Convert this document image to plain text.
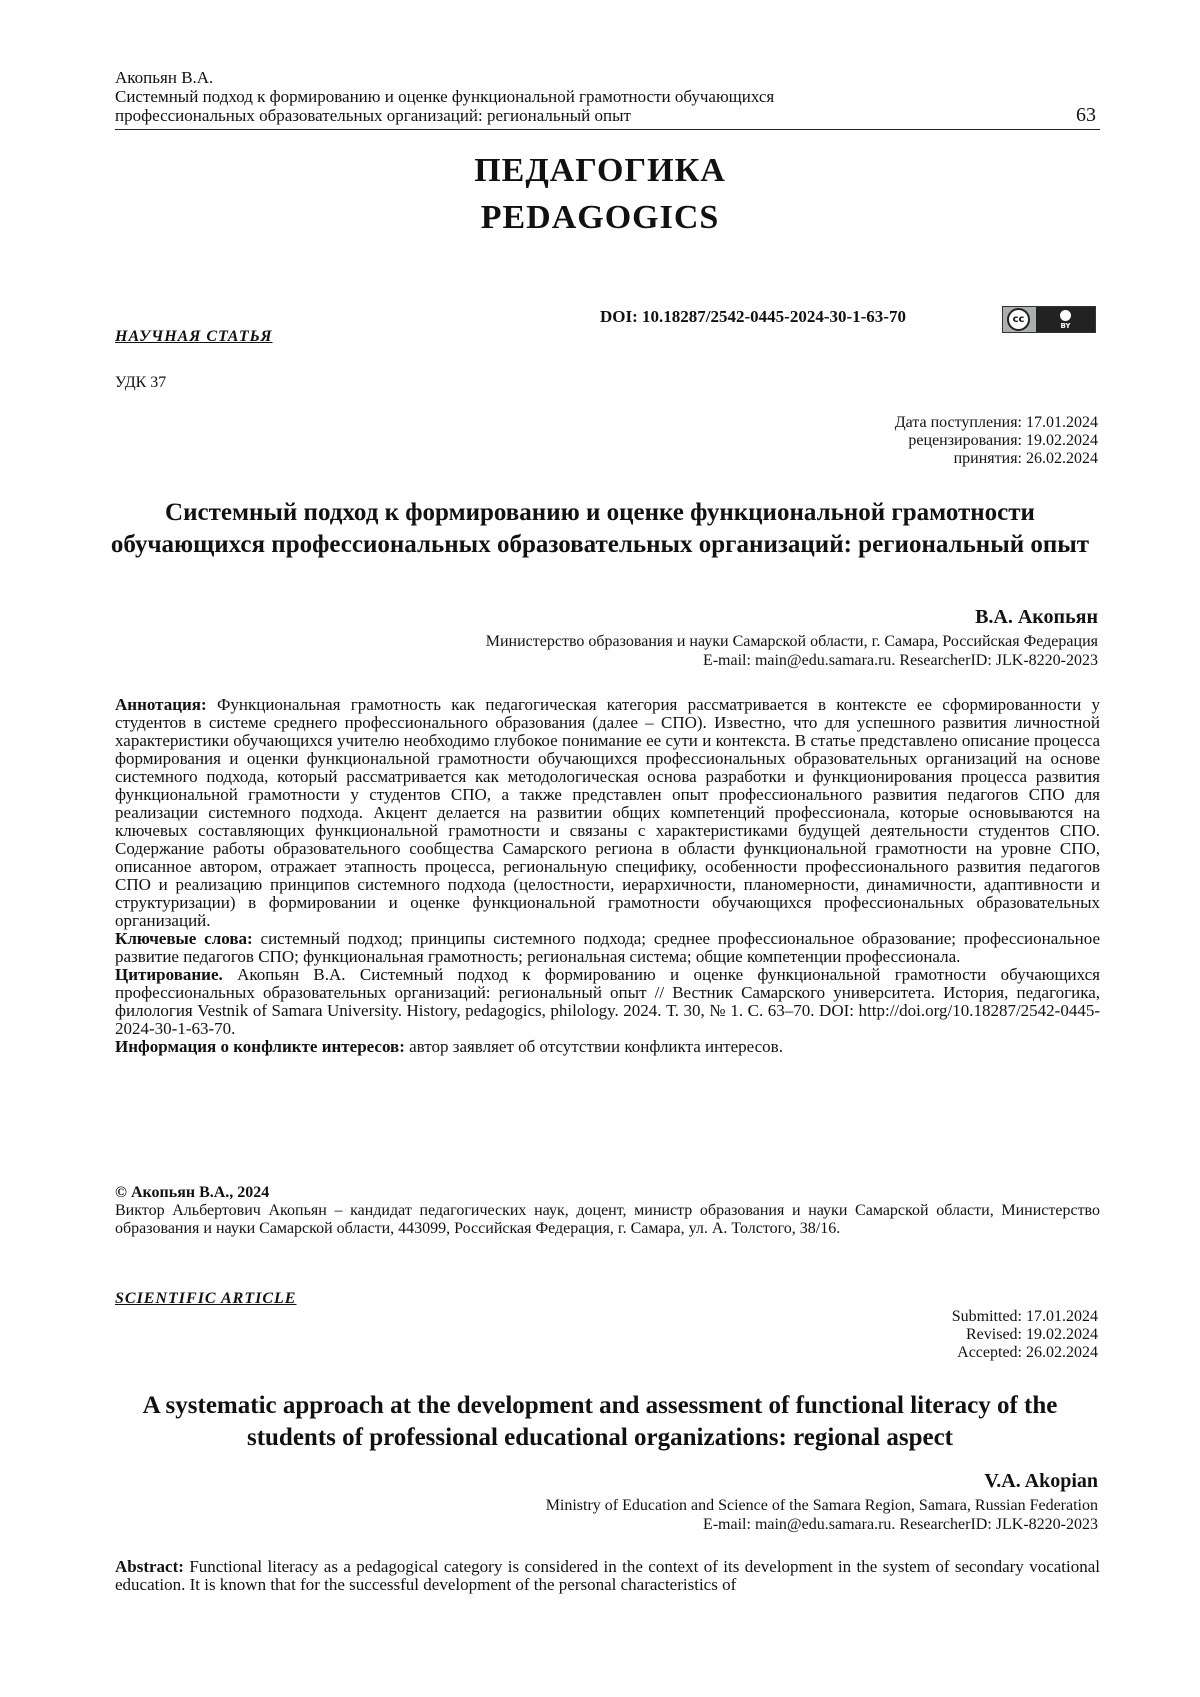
Акопьян В.А.
Системный подход к формированию и оценке функциональной грамотности обучающихся
профессиональных образовательных организаций: региональный опыт	63
ПЕДАГОГИКА
PEDAGOGICS
DOI: 10.18287/2542-0445-2024-30-1-63-70	cc
BY
НАУЧНАЯ СТАТЬЯ
УДК 37
Дата поступления: 17.01.2024
рецензирования: 19.02.2024
принятия: 26.02.2024
Системный подход к формированию и оценке функциональной грамотности обучающихся профессиональных образовательных организаций: региональный опыт
В.А. Акопьян
Министерство образования и науки Самарской области, г. Самара, Российская Федерация
E-mail: main@edu.samara.ru. ResearcherID: JLK-8220-2023

Аннотация: Функциональная грамотность как педагогическая категория рассматривается в контексте ее сформированности у студентов в системе среднего профессионального образования (далее – СПО). Известно, что для успешного развития личностной характеристики обучающихся учителю необходимо глубокое понимание ее сути и контекста. В статье представлено описание процесса формирования и оценки функциональной грамотности обучающихся профессиональных образовательных организаций на основе системного подхода, который рассматривается как методологическая основа разработки и функционирования процесса развития функциональной грамотности у студентов СПО, а также представлен опыт профессионального развития педагогов СПО для реализации системного подхода. Акцент делается на развитии общих компетенций профессионала, которые основываются на ключевых составляющих функциональной грамотности и связаны с характеристиками будущей деятельности студентов СПО. Содержание работы образовательного сообщества Самарского региона в области функциональной грамотности на уровне СПО, описанное автором, отражает этапность процесса, региональную специфику, особенности профессионального развития педагогов СПО и реализацию принципов системного подхода (целостности, иерархичности, планомерности, динамичности, адаптивности и структуризации) в формировании и оценке функциональной грамотности обучающихся профессиональных образовательных организаций.

Ключевые слова: системный подход; принципы системного подхода; среднее профессиональное образование; профессиональное развитие педагогов СПО; функциональная грамотность; региональная система; общие компетенции профессионала.

Цитирование. Акопьян В.А. Системный подход к формированию и оценке функциональной грамотности обучающихся профессиональных образовательных организаций: региональный опыт // Вестник Самарского университета. История, педагогика, филология Vestnik of Samara University. History, pedagogics, philology. 2024. Т. 30, № 1. С. 63–70. DOI: http://doi.org/10.18287/2542-0445-2024-30-1-63-70.

Информация о конфликте интересов: автор заявляет об отсутствии конфликта интересов.

© Акопьян В.А., 2024
Виктор Альбертович Акопьян – кандидат педагогических наук, доцент, министр образования и науки Самарской области, Министерство образования и науки Самарской области, 443099, Российская Федерация, г. Самара, ул. А. Толстого, 38/16.
SCIENTIFIC ARTICLE
Submitted: 17.01.2024
Revised: 19.02.2024
Accepted: 26.02.2024
A systematic approach at the development and assessment of functional literacy of the students of professional educational organizations: regional aspect
V.A. Akopian
Ministry of Education and Science of the Samara Region, Samara, Russian Federation
E-mail: main@edu.samara.ru. ResearcherID: JLK-8220-2023

Abstract: Functional literacy as a pedagogical category is considered in the context of its development in the system of secondary vocational education. It is known that for the successful development of the personal characteristics of
